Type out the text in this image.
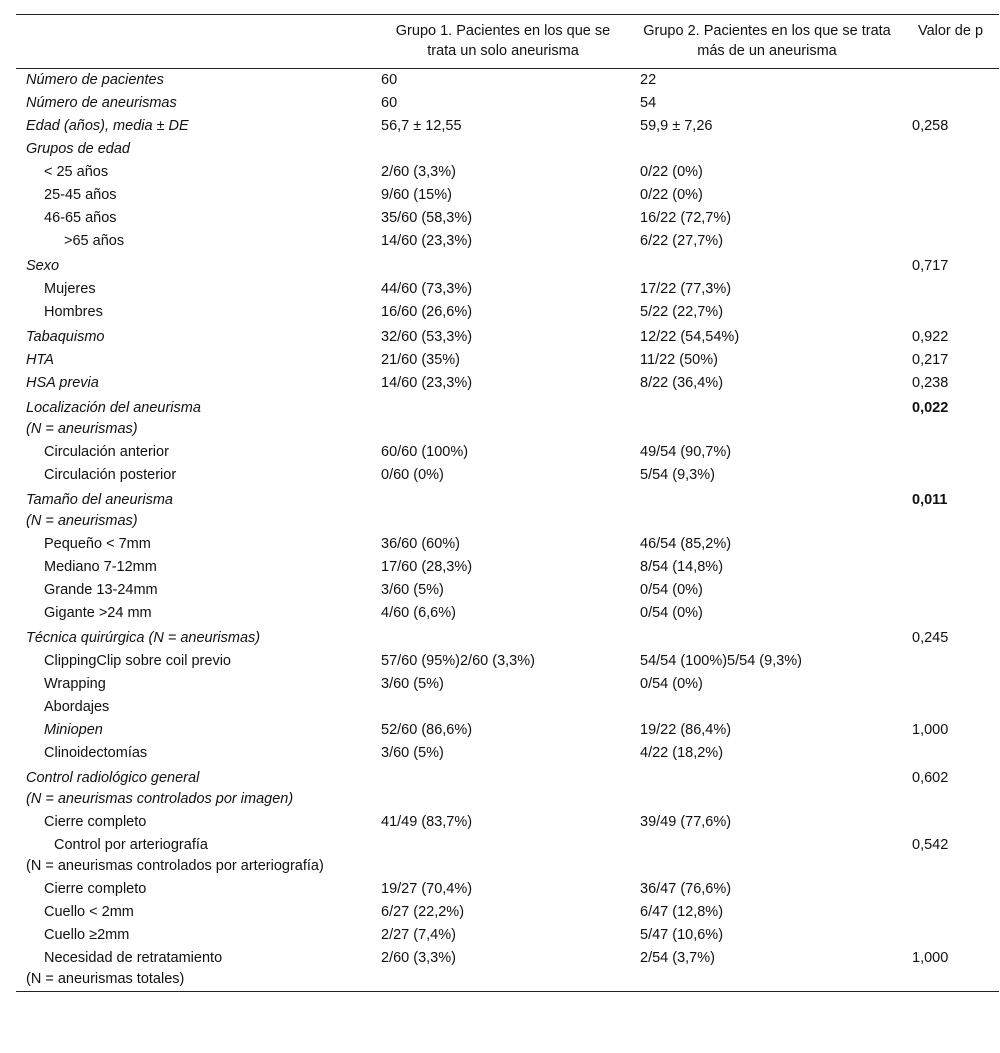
	Grupo 1. Pacientes en los que se trata un solo aneurisma	Grupo 2. Pacientes en los que se trata más de un aneurisma	Valor de p
Número de pacientes	60	22	
Número de aneurismas	60	54	
Edad (años), media ± DE	56,7 ± 12,55	59,9 ± 7,26	0,258
Grupos de edad			
< 25 años	2/60 (3,3%)	0/22 (0%)	
25-45 años	9/60 (15%)	0/22 (0%)	
46-65 años	35/60 (58,3%)	16/22 (72,7%)	
>65 años	14/60 (23,3%)	6/22 (27,7%)	
Sexo			0,717
Mujeres	44/60 (73,3%)	17/22 (77,3%)	
Hombres	16/60 (26,6%)	5/22 (22,7%)	
Tabaquismo	32/60 (53,3%)	12/22 (54,54%)	0,922
HTA	21/60 (35%)	11/22 (50%)	0,217
HSA previa	14/60 (23,3%)	8/22 (36,4%)	0,238
Localización del aneurisma
(N = aneurismas)			0,022
Circulación anterior	60/60 (100%)	49/54 (90,7%)	
Circulación posterior	0/60 (0%)	5/54 (9,3%)	
Tamaño del aneurisma
(N = aneurismas)			0,011
Pequeño < 7mm	36/60 (60%)	46/54 (85,2%)	
Mediano 7-12mm	17/60 (28,3%)	8/54 (14,8%)	
Grande 13-24mm	3/60 (5%)	0/54 (0%)	
Gigante >24 mm	4/60 (6,6%)	0/54 (0%)	
Técnica quirúrgica (N = aneurismas)			0,245
ClippingClip sobre coil previo	57/60 (95%)2/60 (3,3%)	54/54 (100%)5/54 (9,3%)	
Wrapping	3/60 (5%)	0/54 (0%)	
Abordajes			
Miniopen	52/60 (86,6%)	19/22 (86,4%)	1,000
Clinoidectomías	3/60 (5%)	4/22 (18,2%)	
Control radiológico general
(N = aneurismas controlados por imagen)			0,602
Cierre completo	41/49 (83,7%)	39/49 (77,6%)	

Control por arteriografía
(N = aneurismas controlados por arteriografía)			0,542
Cierre completo	19/27 (70,4%)	36/47 (76,6%)	
Cuello < 2mm	6/27 (22,2%)	6/47 (12,8%)	
Cuello ≥2mm	2/27 (7,4%)	5/47 (10,6%)	

Necesidad de retratamiento
(N = aneurismas totales)	2/60 (3,3%)	2/54 (3,7%)	1,000
